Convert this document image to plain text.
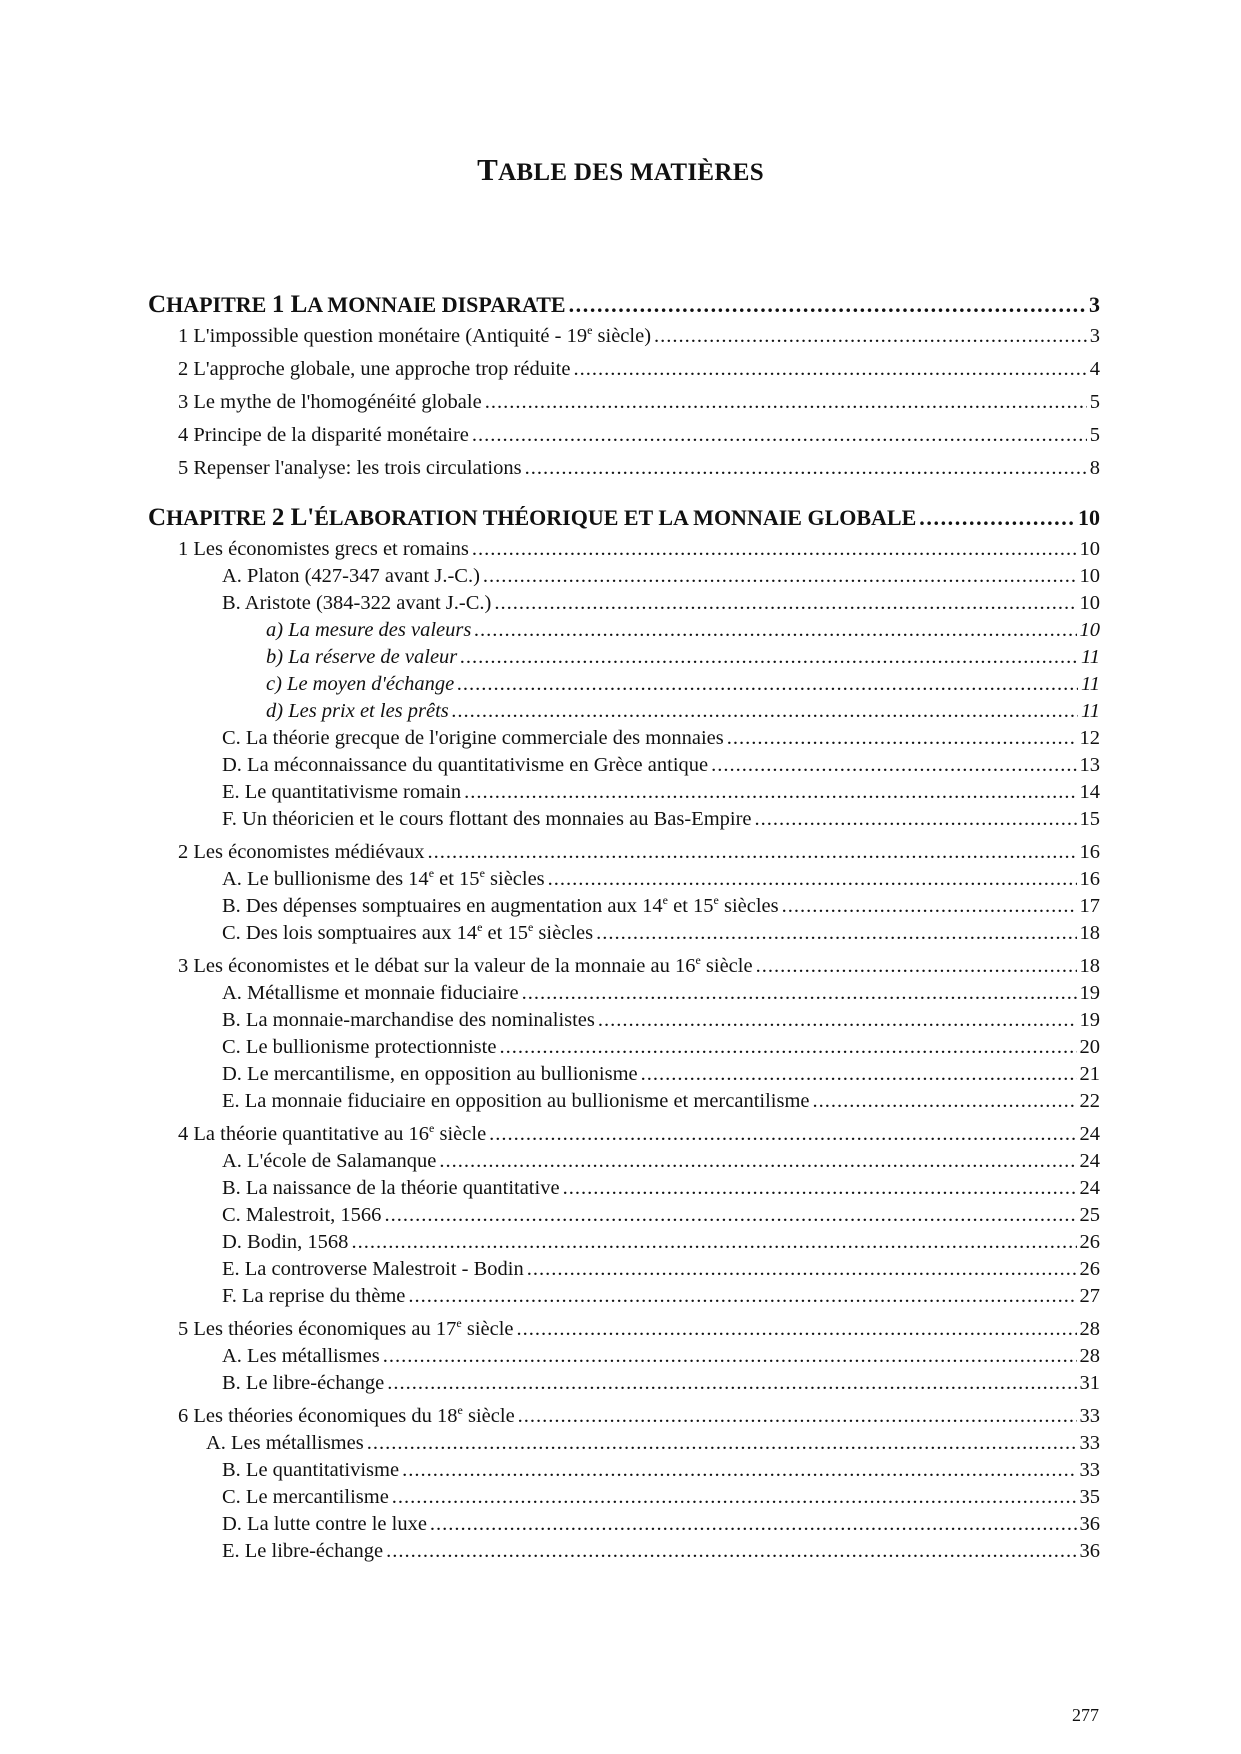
TABLE DES MATIÈRES
CHAPITRE 1 LA MONNAIE DISPARATE .....	3
1 L'impossible question monétaire (Antiquité - 19e siècle) .....	3
2 L'approche globale, une approche trop réduite .....	4
3 Le mythe de l'homogénéité globale .....	5
4 Principe de la disparité monétaire .....	5
5 Repenser l'analyse: les trois circulations .....	8
CHAPITRE 2 L'ÉLABORATION THÉORIQUE ET LA MONNAIE GLOBALE .....	10
1 Les économistes grecs et romains .....	10
A. Platon (427-347 avant J.-C.) .....	10
B. Aristote (384-322 avant J.-C.) .....	10
a) La mesure des valeurs .....	10
b) La réserve de valeur .....	11
c) Le moyen d'échange .....	11
d) Les prix et les prêts .....	11
C. La théorie grecque de l'origine commerciale des monnaies .....	12
D. La méconnaissance du quantitativisme en Grèce antique .....	13
E. Le quantitativisme romain .....	14
F. Un théoricien et le cours flottant des monnaies au Bas-Empire .....	15
2 Les économistes médiévaux .....	16
A. Le bullionisme des 14e et 15e siècles .....	16
B. Des dépenses somptuaires en augmentation aux 14e et 15e siècles .....	17
C. Des lois somptuaires aux 14e et 15e siècles .....	18
3 Les économistes et le débat sur la valeur de la monnaie au 16e siècle .....	18
A. Métallisme et monnaie fiduciaire .....	19
B. La monnaie-marchandise des nominalistes .....	19
C. Le bullionisme protectionniste .....	20
D. Le mercantilisme, en opposition au bullionisme .....	21
E. La monnaie fiduciaire en opposition au bullionisme et mercantilisme .....	22
4 La théorie quantitative au 16e siècle .....	24
A. L'école de Salamanque .....	24
B. La naissance de la théorie quantitative .....	24
C. Malestroit, 1566 .....	25
D. Bodin, 1568 .....	26
E. La controverse Malestroit - Bodin .....	26
F. La reprise du thème .....	27
5 Les théories économiques au 17e siècle .....	28
A. Les métallismes .....	28
B. Le libre-échange .....	31
6 Les théories économiques du 18e siècle .....	33
A. Les métallismes .....	33
B. Le quantitativisme .....	33
C. Le mercantilisme .....	35
D. La lutte contre le luxe .....	36
E. Le libre-échange .....	36
277
